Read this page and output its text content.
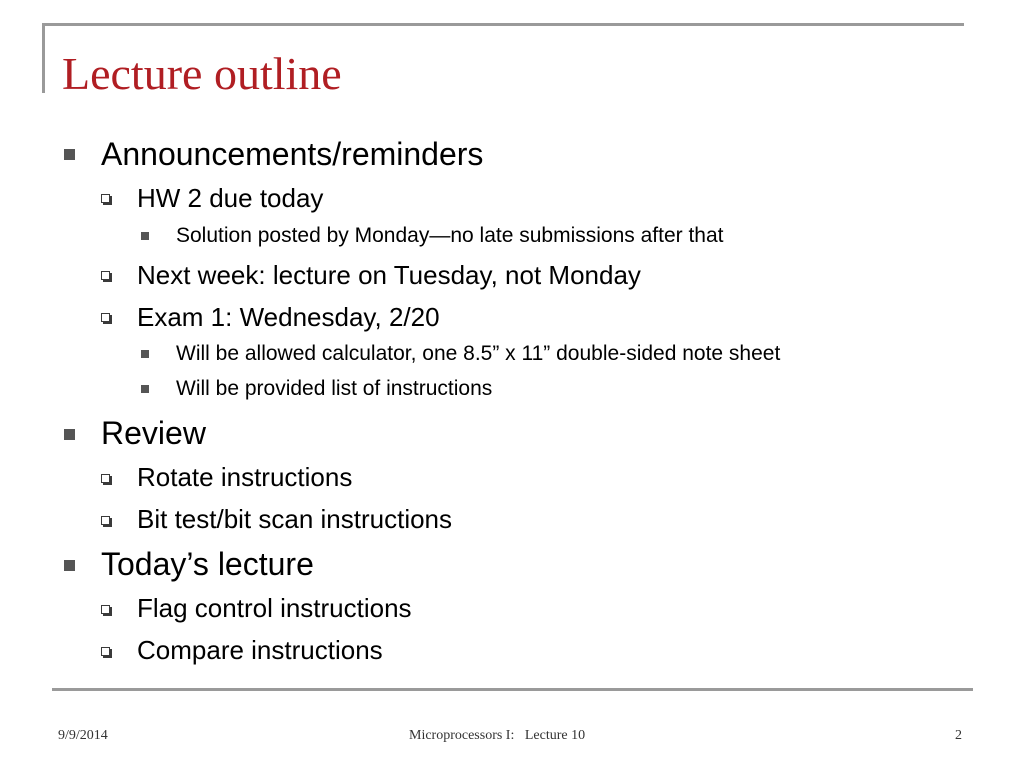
Lecture outline
Announcements/reminders
HW 2 due today
Solution posted by Monday—no late submissions after that
Next week: lecture on Tuesday, not Monday
Exam 1: Wednesday, 2/20
Will be allowed calculator, one 8.5” x 11” double-sided note sheet
Will be provided list of instructions
Review
Rotate instructions
Bit test/bit scan instructions
Today’s lecture
Flag control instructions
Compare instructions
9/9/2014	Microprocessors I:   Lecture 10	2
